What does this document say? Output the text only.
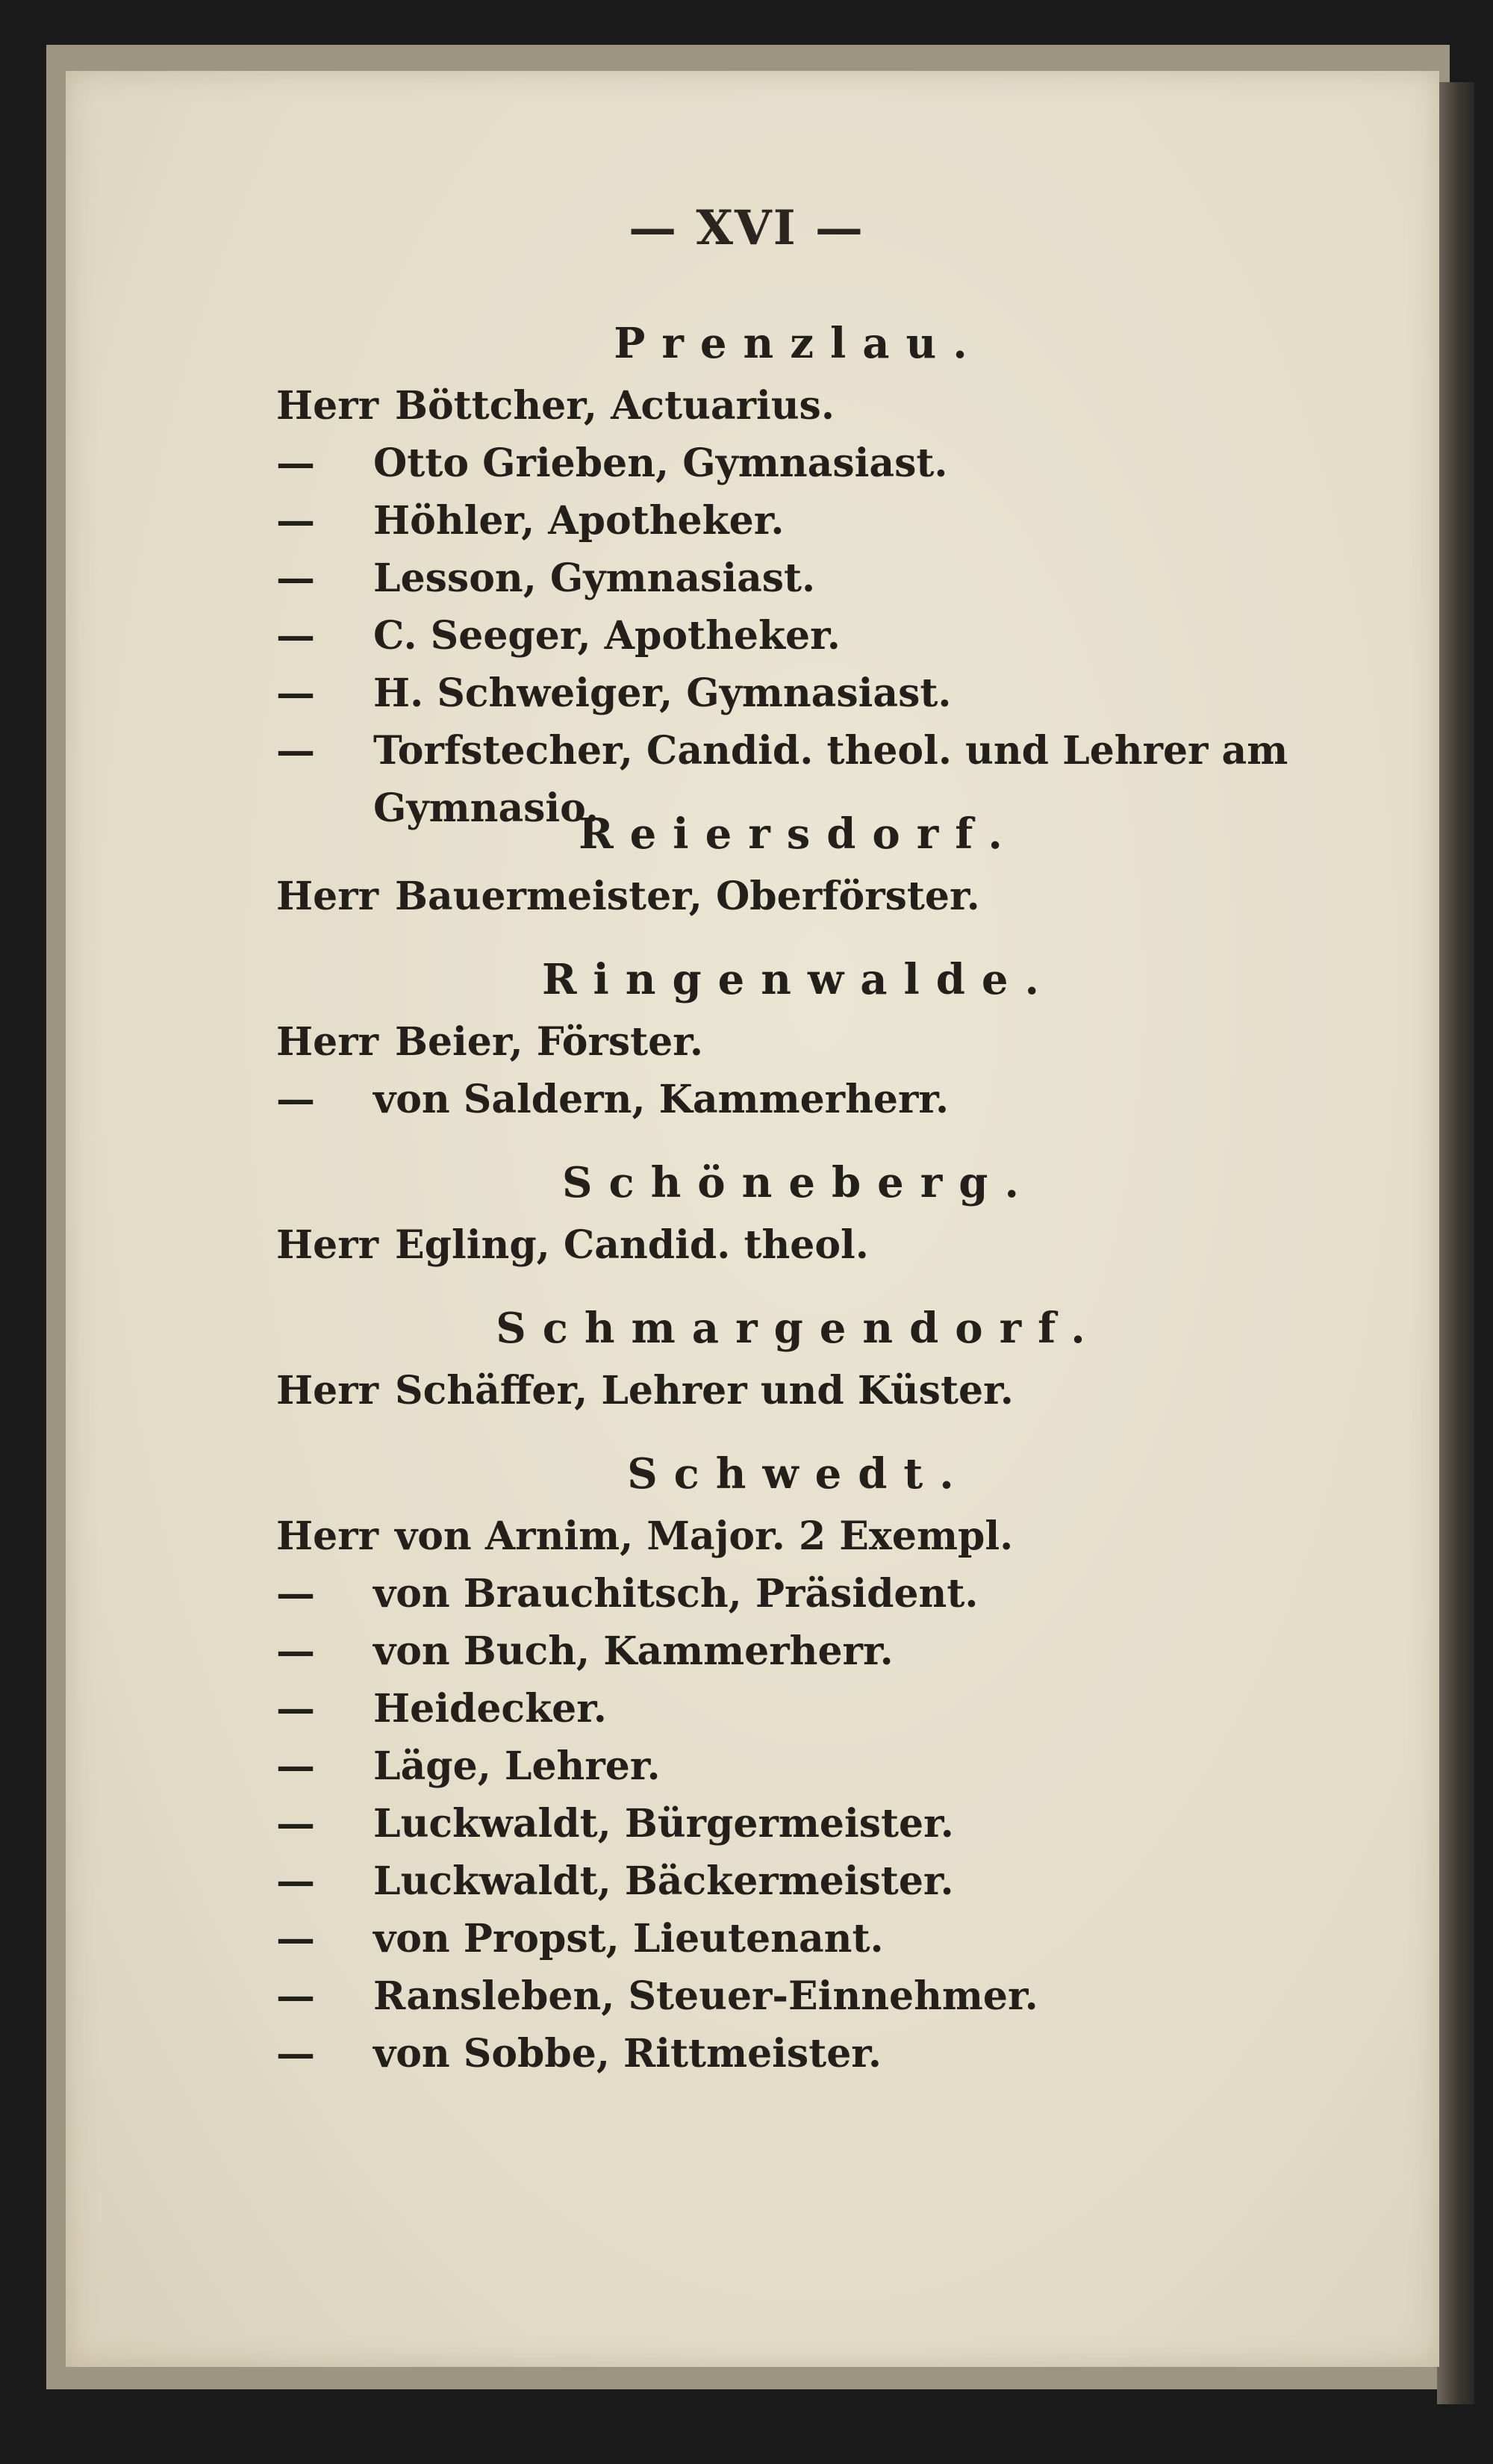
— XVI —
Prenzlau.
Herr Böttcher, Actuarius.
—	Otto Grieben, Gymnasiast.
—	Höhler, Apotheker.
—	Lesson, Gymnasiast.
—	C. Seeger, Apotheker.
—	H. Schweiger, Gymnasiast.
—	Torfstecher, Candid. theol. und Lehrer am Gymnasio.
Reiersdorf.
Herr Bauermeister, Oberförster.
Ringenwalde.
Herr Beier, Förster.
—	von Saldern, Kammerherr.
Schöneberg.
Herr Egling, Candid. theol.
Schmargendorf.
Herr Schäffer, Lehrer und Küster.
Schwedt.
Herr von Arnim, Major. 2 Exempl.
—	von Brauchitsch, Präsident.
—	von Buch, Kammerherr.
—	Heidecker.
—	Läge, Lehrer.
—	Luckwaldt, Bürgermeister.
—	Luckwaldt, Bäckermeister.
—	von Propst, Lieutenant.
—	Ransleben, Steuer-Einnehmer.
—	von Sobbe, Rittmeister.
